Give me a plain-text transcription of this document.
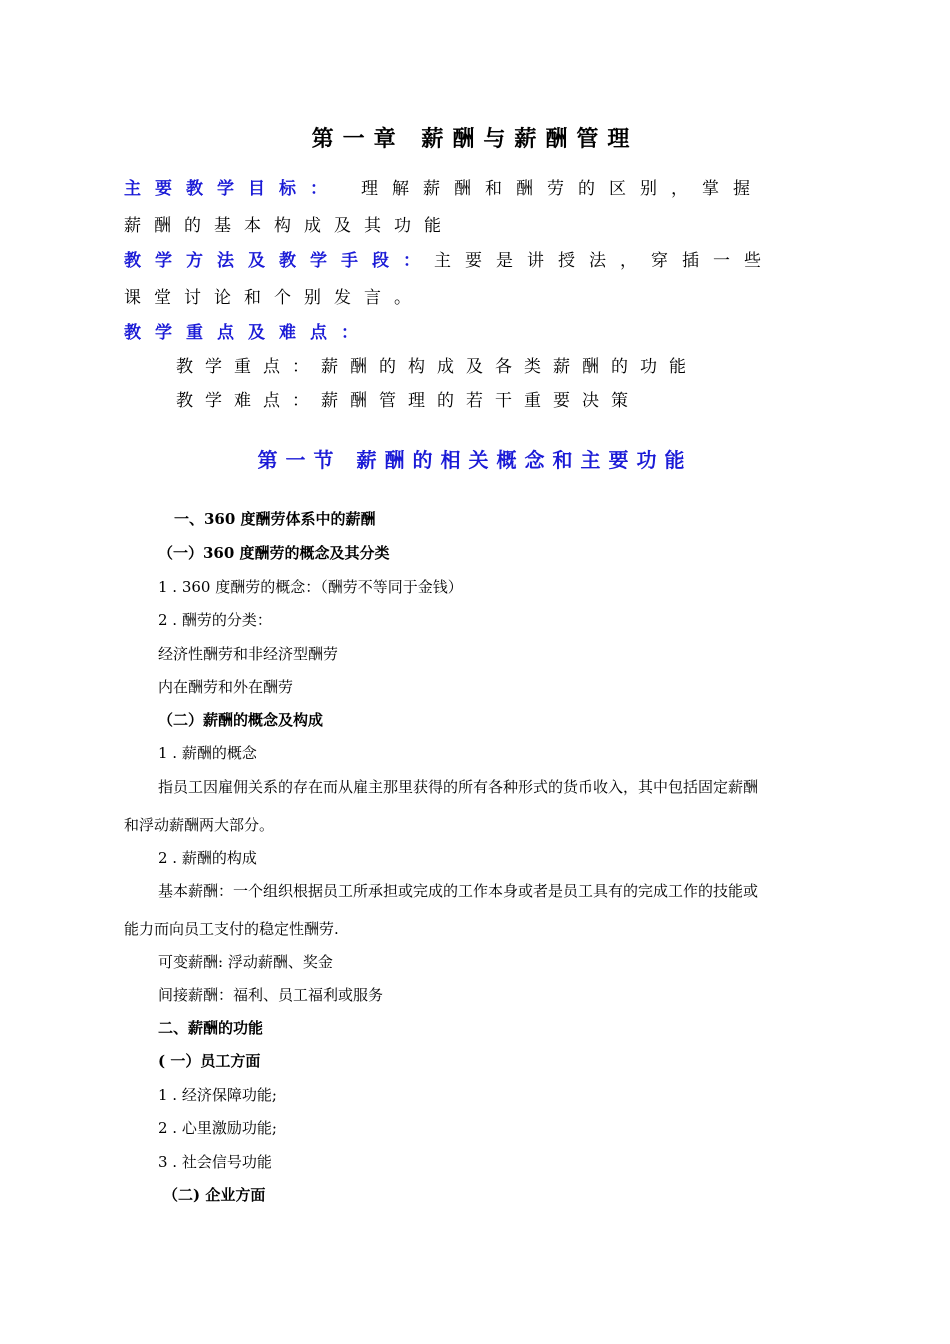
第一章 薪酬与薪酬管理
主要教学目标： 理解薪酬和酬劳的区别，掌握
薪酬的基本构成及其功能
教学方法及教学手段：主要是讲授法，穿插一些
课堂讨论和个别发言。
教学重点及难点：
教学重点：薪酬的构成及各类薪酬的功能
教学难点：薪酬管理的若干重要决策
第一节 薪酬的相关概念和主要功能
一、360 度酬劳体系中的薪酬
（一）360 度酬劳的概念及其分类
1 . 360 度酬劳的概念：（酬劳不等同于金钱）
2 . 酬劳的分类：
经济性酬劳和非经济型酬劳
内在酬劳和外在酬劳
（二）薪酬的概念及构成
1 . 薪酬的概念
指员工因雇佣关系的存在而从雇主那里获得的所有各种形式的货币收入，其中包括固定薪酬
和浮动薪酬两大部分。
2 . 薪酬的构成
基本薪酬：一个组织根据员工所承担或完成的工作本身或者是员工具有的完成工作的技能或
能力而向员工支付的稳定性酬劳.
可变薪酬: 浮动薪酬、奖金
间接薪酬：福利、员工福利或服务
二、薪酬的功能
( 一）员工方面
1 . 经济保障功能;
2 . 心里激励功能;
3 . 社会信号功能
（二) 企业方面
